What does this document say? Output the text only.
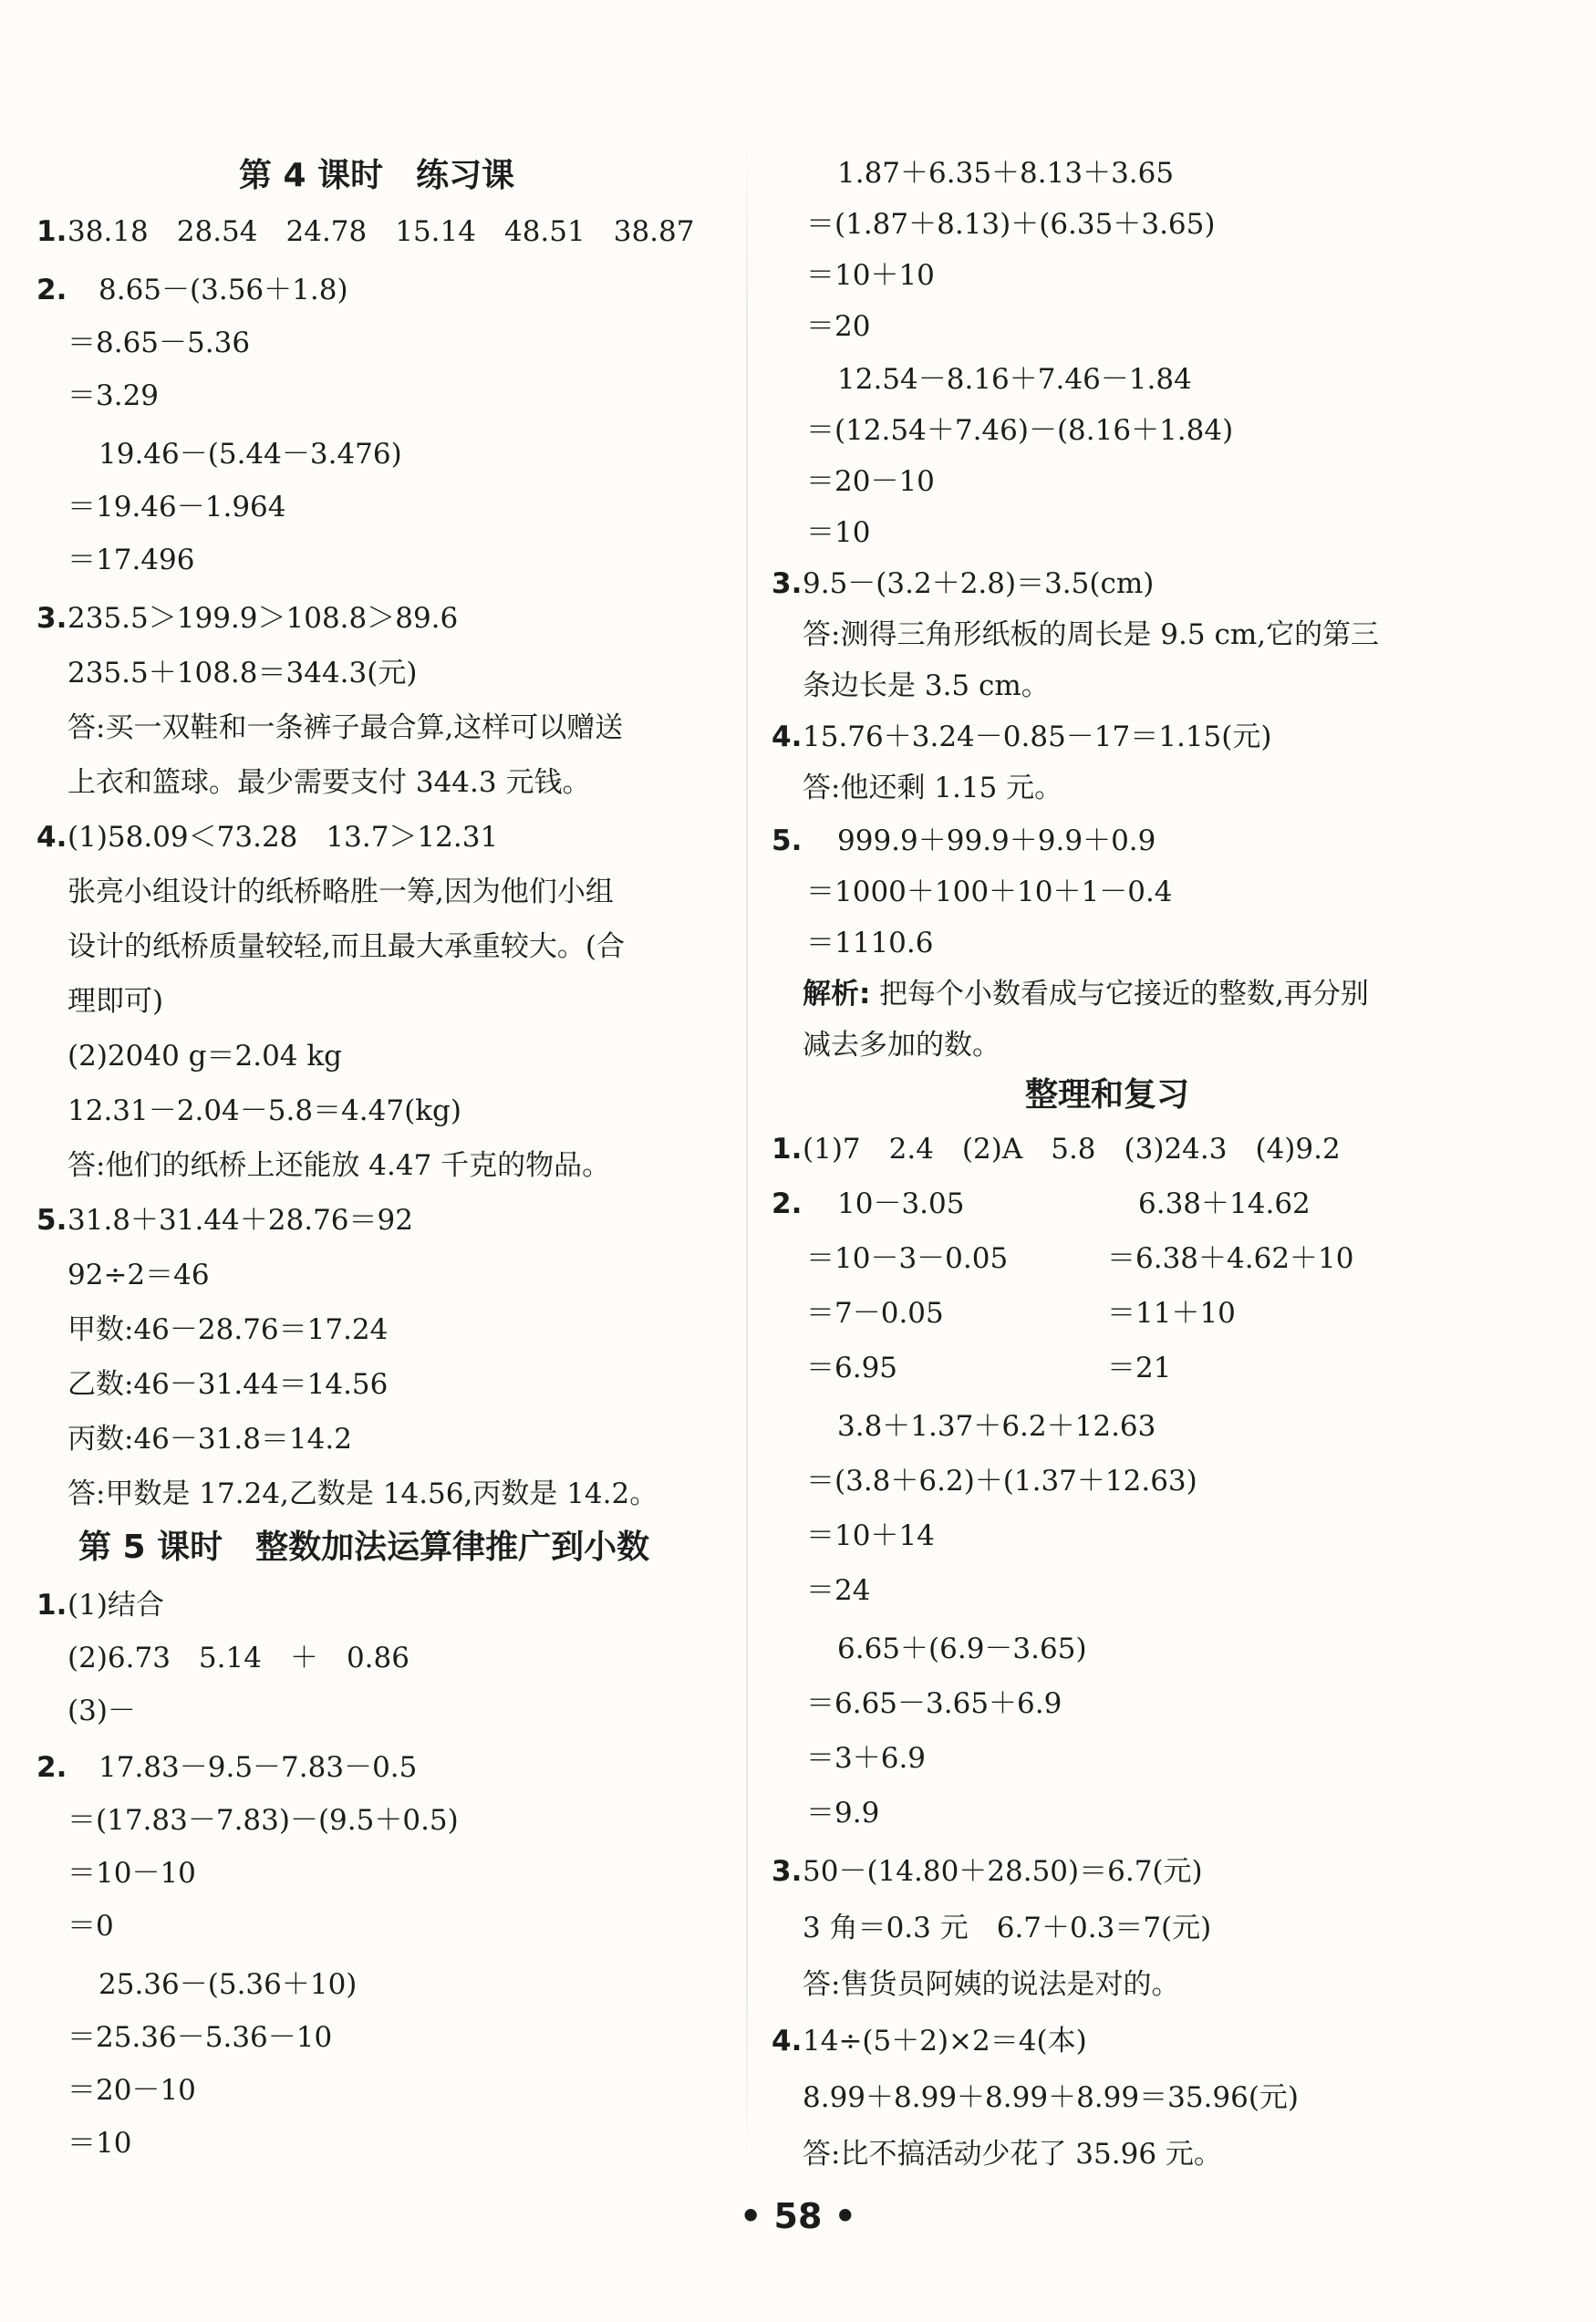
第 4 课时　练习课
1. 38.18　28.54　24.78　15.14　48.51　38.87
2. 8.65－(3.56＋1.8)
＝8.65－5.36
＝3.29
19.46－(5.44－3.476)
＝19.46－1.964
＝17.496
3. 235.5＞199.9＞108.8＞89.6
235.5＋108.8＝344.3(元)
答:买一双鞋和一条裤子最合算,这样可以赠送
上衣和篮球。最少需要支付 344.3 元钱。
4. (1)58.09＜73.28　13.7＞12.31
张亮小组设计的纸桥略胜一筹,因为他们小组
设计的纸桥质量较轻,而且最大承重较大。(合
理即可)
(2)2040 g＝2.04 kg
12.31－2.04－5.8＝4.47(kg)
答:他们的纸桥上还能放 4.47 千克的物品。
5. 31.8＋31.44＋28.76＝92
92÷2＝46
甲数:46－28.76＝17.24
乙数:46－31.44＝14.56
丙数:46－31.8＝14.2
答:甲数是 17.24,乙数是 14.56,丙数是 14.2。
第 5 课时　整数加法运算律推广到小数
1. (1)结合
(2)6.73　5.14　＋　0.86
(3)－
2. 17.83－9.5－7.83－0.5
＝(17.83－7.83)－(9.5＋0.5)
＝10－10
＝0
25.36－(5.36＋10)
＝25.36－5.36－10
＝20－10
＝10
1.87＋6.35＋8.13＋3.65
＝(1.87＋8.13)＋(6.35＋3.65)
＝10＋10
＝20
12.54－8.16＋7.46－1.84
＝(12.54＋7.46)－(8.16＋1.84)
＝20－10
＝10
3. 9.5－(3.2＋2.8)＝3.5(cm)
答:测得三角形纸板的周长是 9.5 cm,它的第三
条边长是 3.5 cm。
4. 15.76＋3.24－0.85－17＝1.15(元)
答:他还剩 1.15 元。
5. 999.9＋99.9＋9.9＋0.9
＝1000＋100＋10＋1－0.4
＝1110.6
解析: 把每个小数看成与它接近的整数,再分别
减去多加的数。
整理和复习
1. (1)7　2.4　(2)A　5.8　(3)24.3　(4)9.2
2. 10－3.05
＝10－3－0.05
＝7－0.05
＝6.95
6.38＋14.62
＝6.38＋4.62＋10
＝11＋10
＝21
3.8＋1.37＋6.2＋12.63
＝(3.8＋6.2)＋(1.37＋12.63)
＝10＋14
＝24
6.65＋(6.9－3.65)
＝6.65－3.65＋6.9
＝3＋6.9
＝9.9
3. 50－(14.80＋28.50)＝6.7(元)
3 角＝0.3 元　6.7＋0.3＝7(元)
答:售货员阿姨的说法是对的。
4. 14÷(5＋2)×2＝4(本)
8.99＋8.99＋8.99＋8.99＝35.96(元)
答:比不搞活动少花了 35.96 元。
• 58 •
